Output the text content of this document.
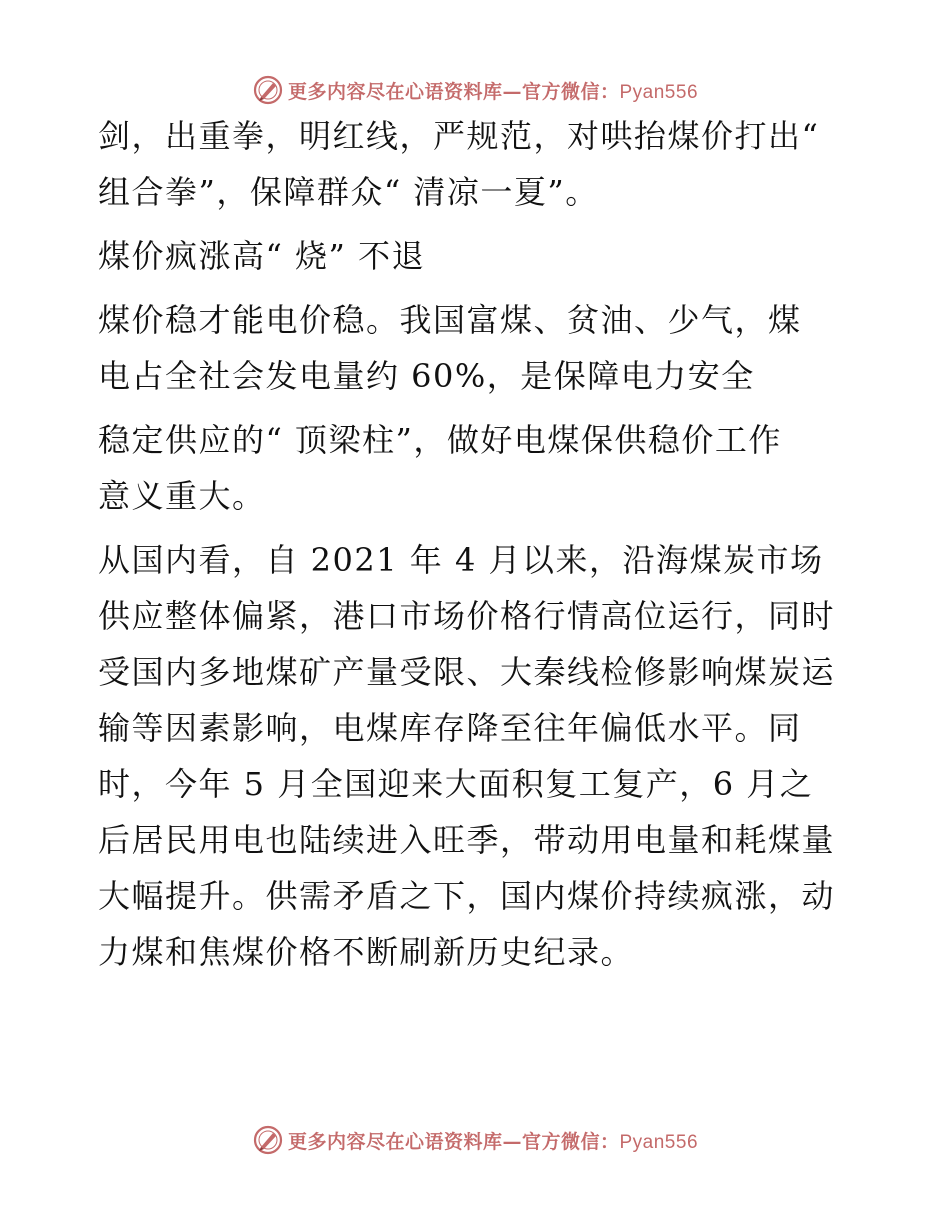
更多内容尽在心语资料库—官方微信：Pyan556
剑，出重拳，明红线，严规范，对哄抬煤价打出“
组合拳”，保障群众“ 清凉一夏”。
煤价疯涨高“ 烧” 不退
煤价稳才能电价稳。我国富煤、贫油、少气，煤
电占全社会发电量约 60%，是保障电力安全
稳定供应的“ 顶梁柱”，做好电煤保供稳价工作
意义重大。
从国内看，自 2021 年 4 月以来，沿海煤炭市场
供应整体偏紧，港口市场价格行情高位运行，同时
受国内多地煤矿产量受限、大秦线检修影响煤炭运
输等因素影响，电煤库存降至往年偏低水平。同
时，今年 5 月全国迎来大面积复工复产，6 月之
后居民用电也陆续进入旺季，带动用电量和耗煤量
大幅提升。供需矛盾之下，国内煤价持续疯涨，动
力煤和焦煤价格不断刷新历史纪录。
更多内容尽在心语资料库—官方微信：Pyan556
